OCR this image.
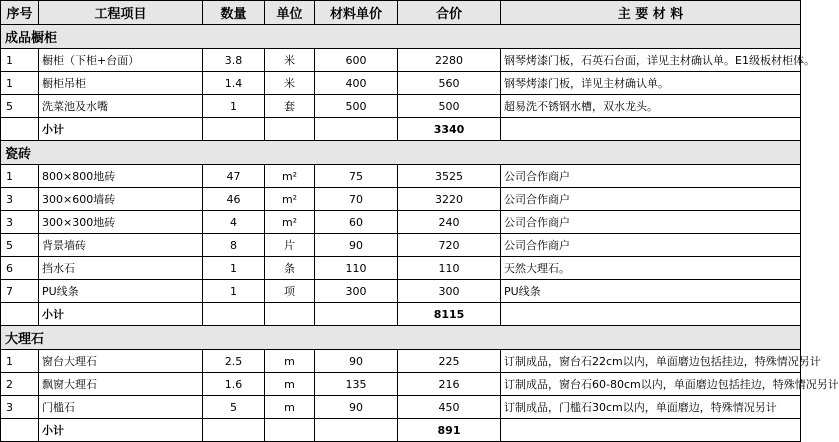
序号	工程项目	数量	单位	材料单价	合价	主 要 材 料
成品橱柜						
1	橱柜（下柜+台面）	3.8	米	600	2280	钢琴烤漆门板，石英石台面，详见主材确认单。E1级板材柜体。
1	橱柜吊柜	1.4	米	400	560	钢琴烤漆门板，详见主材确认单。
5	洗菜池及水嘴	1	套	500	500	超易洗不锈钢水槽，双水龙头。
	小计				3340	
瓷砖						
1	800×800地砖	47	m²	75	3525	公司合作商户
3	300×600墙砖	46	m²	70	3220	公司合作商户
3	300×300地砖	4	m²	60	240	公司合作商户
5	背景墙砖	8	片	90	720	公司合作商户
6	挡水石	1	条	110	110	天然大理石。
7	PU线条	1	项	300	300	PU线条
	小计				8115	
大理石						
1	窗台大理石	2.5	m	90	225	订制成品，窗台石22cm以内，单面磨边包括挂边，特殊情况另计
2	飘窗大理石	1.6	m	135	216	订制成品，窗台石60-80cm以内，单面磨边包括挂边，特殊情况另计
3	门槛石	5	m	90	450	订制成品，门槛石30cm以内，单面磨边，特殊情况另计
	小计				891	
